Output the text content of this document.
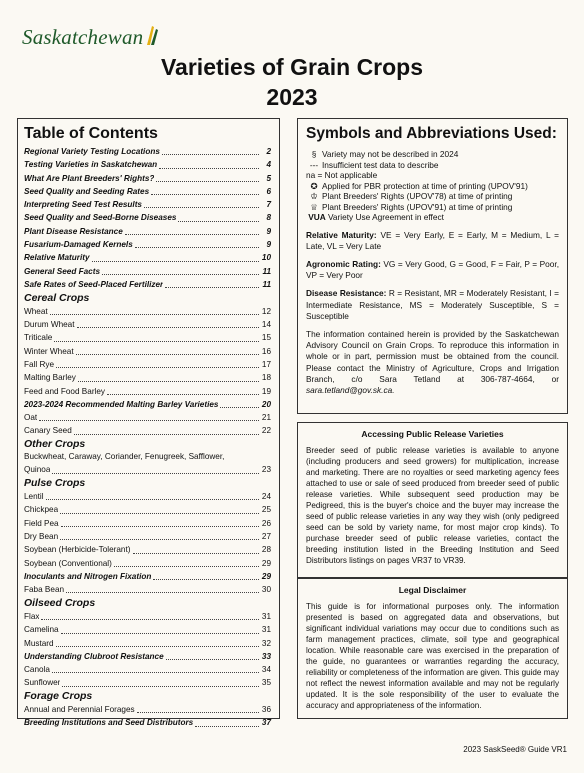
Saskatchewan
Varieties of Grain Crops
2023
Table of Contents
Regional Variety Testing Locations	2
Testing Varieties in Saskatchewan	4
What Are Plant Breeders' Rights?	5
Seed Quality and Seeding Rates	6
Interpreting Seed Test Results	7
Seed Quality and Seed-Borne Diseases	8
Plant Disease Resistance	9
Fusarium-Damaged Kernels	9
Relative Maturity	10
General Seed Facts	11
Safe Rates of Seed-Placed Fertilizer	11
Cereal Crops
Wheat	12
Durum Wheat	14
Triticale	15
Winter Wheat	16
Fall Rye	17
Malting Barley	18
Feed and Food Barley	19
2023-2024 Recommended Malting Barley Varieties	20
Oat	21
Canary Seed	22
Other Crops
Buckwheat, Caraway, Coriander, Fenugreek, Safflower,
Quinoa	23
Pulse Crops
Lentil	24
Chickpea	25
Field Pea	26
Dry Bean	27
Soybean (Herbicide-Tolerant)	28
Soybean (Conventional)	29
Inoculants and Nitrogen Fixation	29
Faba Bean	30
Oilseed Crops
Flax	31
Camelina	31
Mustard	32
Understanding Clubroot Resistance	33
Canola	34
Sunflower	35
Forage Crops
Annual and Perennial Forages	36
Breeding Institutions and Seed Distributors	37
Symbols and Abbreviations Used:
§ Variety may not be described in 2024
--- Insufficient test data to describe
na = Not applicable
✪ Applied for PBR protection at time of printing (UPOV'91)
♔ Plant Breeders' Rights (UPOV'78) at time of printing
♕ Plant Breeders' Rights (UPOV'91) at time of printing
VUA Variety Use Agreement in effect
Relative Maturity: VE = Very Early, E = Early, M = Medium, L = Late, VL = Very Late
Agronomic Rating: VG = Very Good, G = Good, F = Fair, P = Poor, VP = Very Poor
Disease Resistance: R = Resistant, MR = Moderately Resistant, I = Intermediate Resistance, MS = Moderately Susceptible, S = Susceptible
The information contained herein is provided by the Saskatchewan Advisory Council on Grain Crops. To reproduce this information in whole or in part, permission must be obtained from the council. Please contact the Ministry of Agriculture, Crops and Irrigation Branch, c/o Sara Tetland at 306-787-4664, or sara.tetland@gov.sk.ca.
Accessing Public Release Varieties
Breeder seed of public release varieties is available to anyone (including producers and seed growers) for multiplication, increase and marketing. There are no royalties or seed marketing agency fees attached to use or sale of seed produced from breeder seed of public release varieties. While subsequent seed production may be Pedigreed, this is the buyer's choice and the buyer may increase the seed of public release varieties in any way they wish (only pedigreed seed can be sold by variety name, for most major crop kinds). To purchase breeder seed of public release varieties, contact the breeding institution listed in the Breeding Institution and Seed Distributors listings on pages VR37 to VR39.
Legal Disclaimer
This guide is for informational purposes only. The information presented is based on aggregated data and observations, but significant individual variations may occur due to conditions such as farm management practices, climate, soil type and geographical location. While reasonable care was exercised in the preparation of the guide, no guarantees or warranties regarding the accuracy, reliability or completeness of the information are given. This guide may not reflect the newest information available and may not be regularly updated. It is the sole responsibility of the user to evaluate the accuracy and appropriateness of the information.
2023 SaskSeed® Guide VR1
